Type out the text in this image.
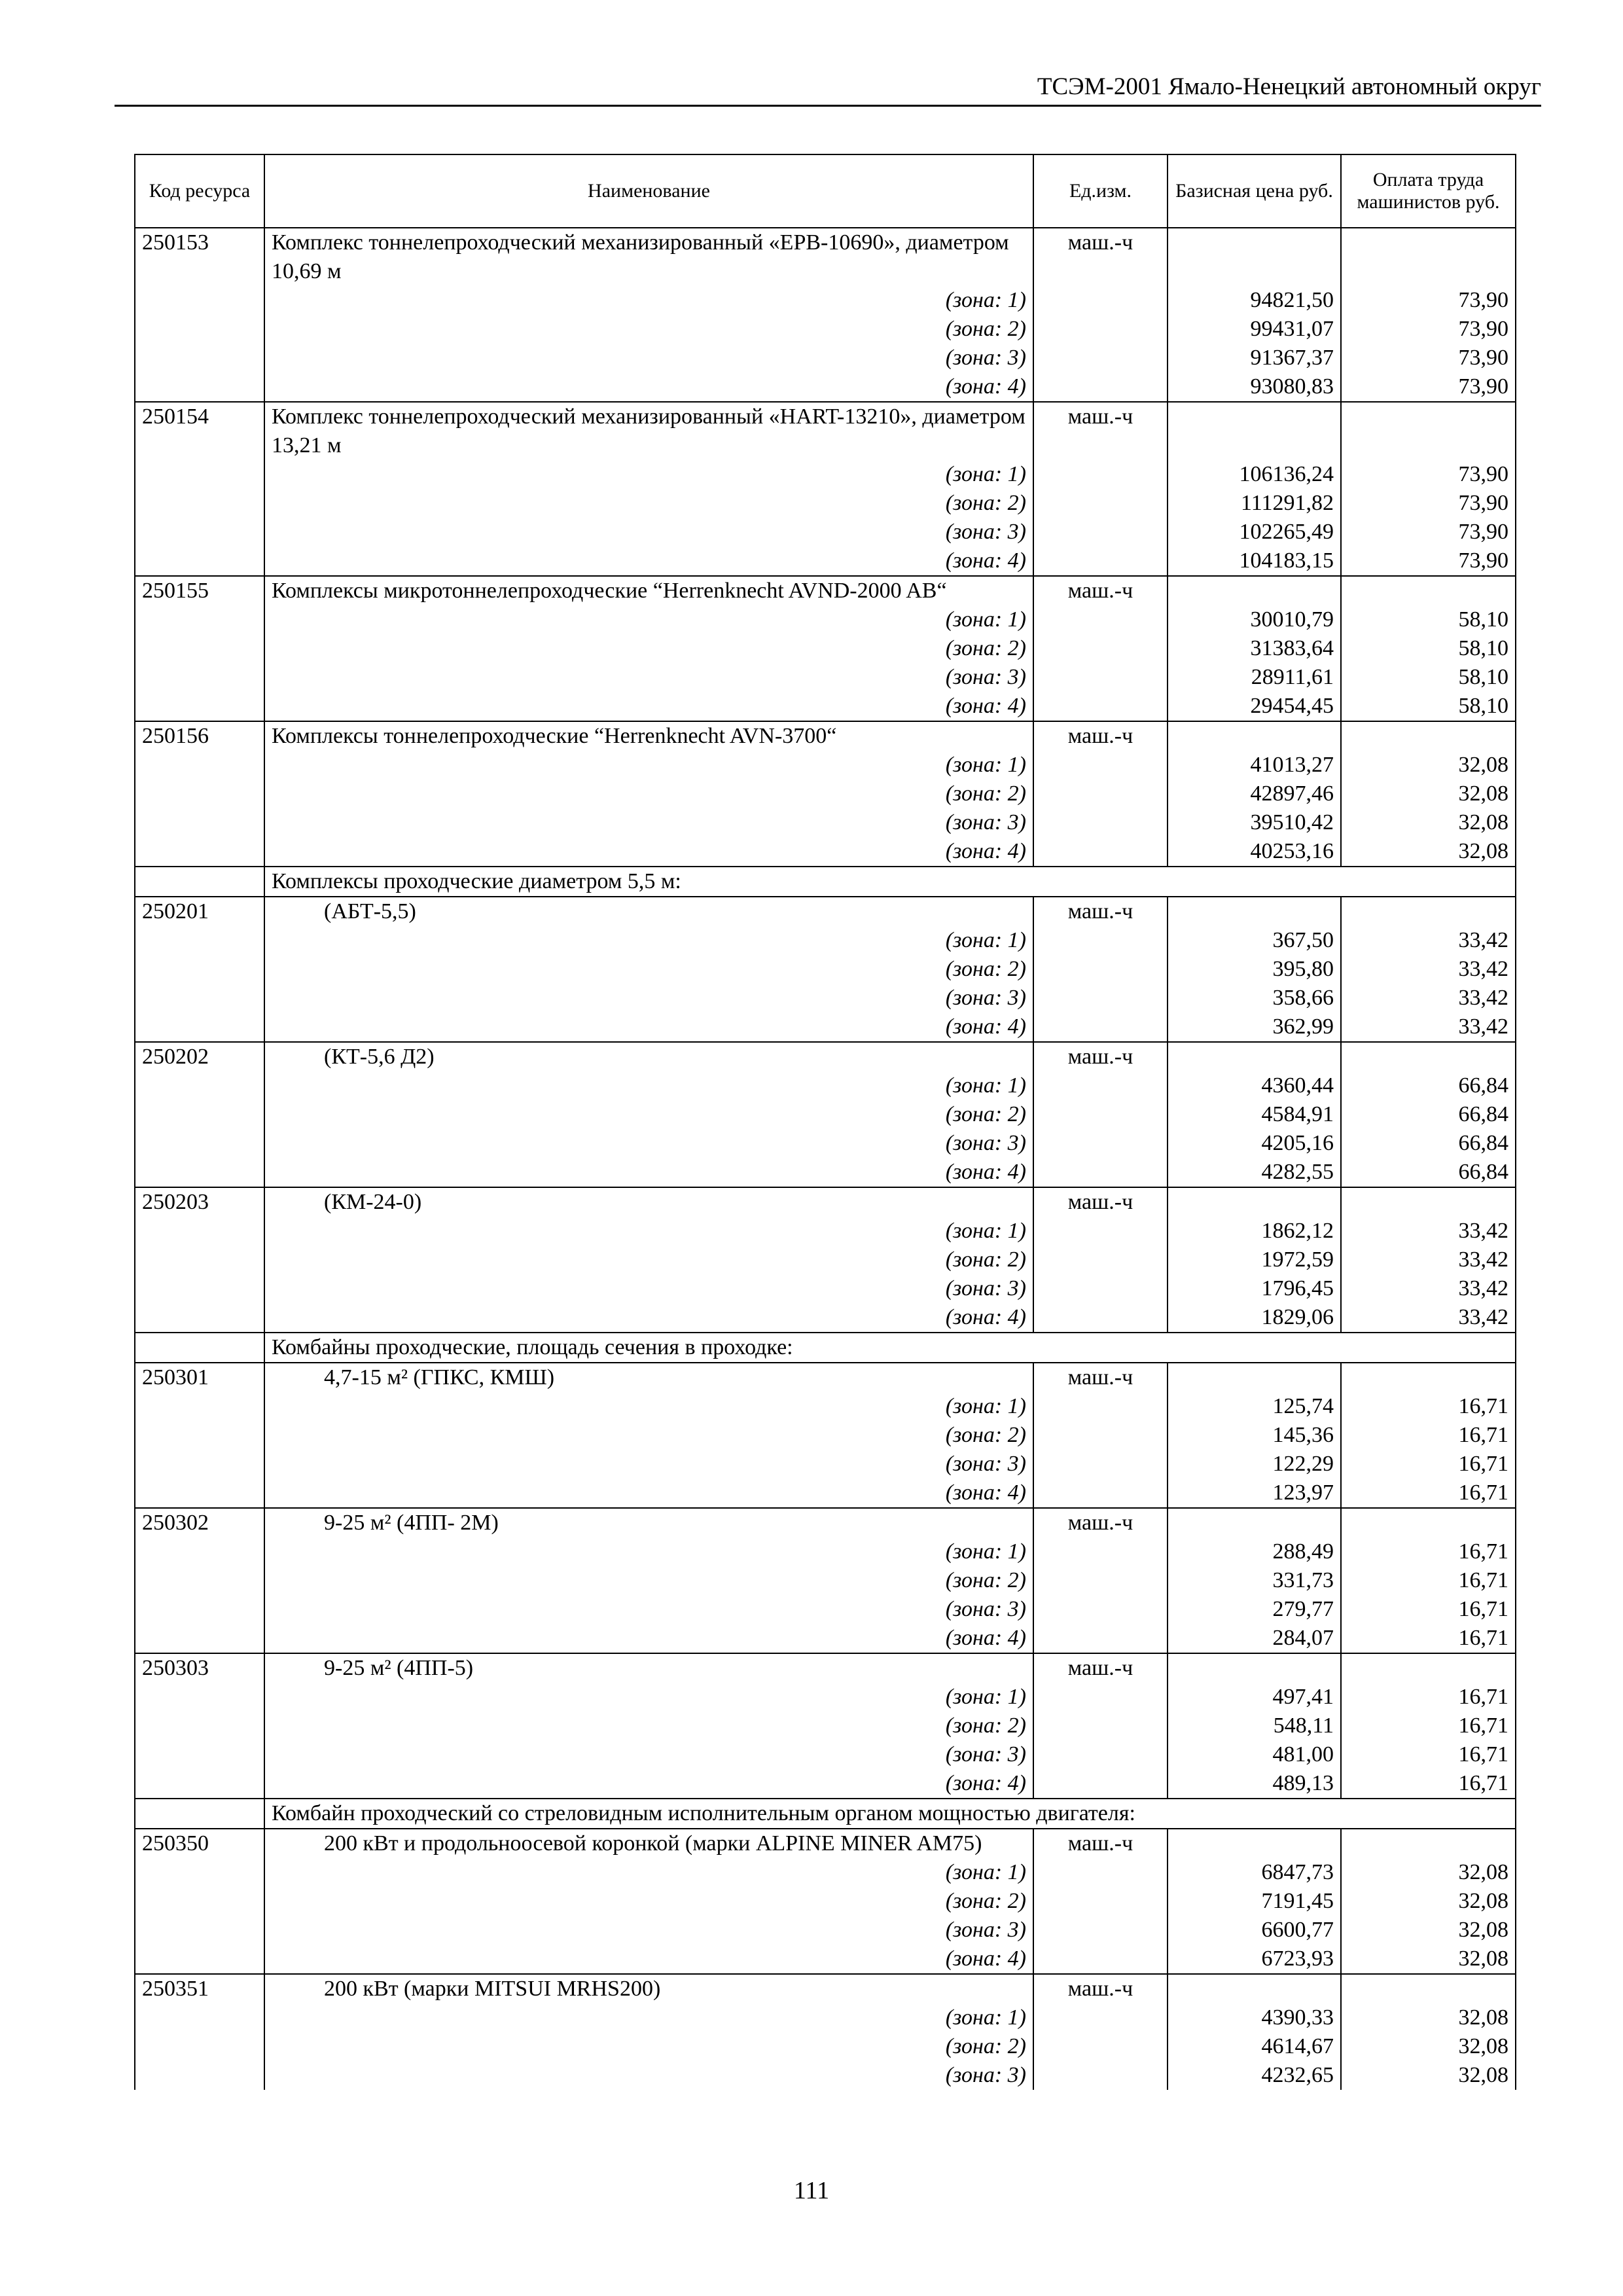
ТСЭМ-2001 Ямало-Ненецкий автономный округ
Код ресурса	Наименование	Ед.изм.	Базисная цена руб.	Оплата труда машинистов руб.
250153	Комплекс тоннелепроходческий механизированный «EPB-10690», диаметром 10,69 м	маш.-ч		

	(зона: 1)		94821,50	73,90

	(зона: 2)		99431,07	73,90

	(зона: 3)		91367,37	73,90

	(зона: 4)		93080,83	73,90
250154	Комплекс тоннелепроходческий механизированный «HART-13210», диаметром 13,21 м	маш.-ч		

	(зона: 1)		106136,24	73,90

	(зона: 2)		111291,82	73,90

	(зона: 3)		102265,49	73,90

	(зона: 4)		104183,15	73,90
250155	Комплексы микротоннелепроходческие “Herrenknecht AVND-2000 AB“	маш.-ч		

	(зона: 1)		30010,79	58,10

	(зона: 2)		31383,64	58,10

	(зона: 3)		28911,61	58,10

	(зона: 4)		29454,45	58,10
250156	Комплексы тоннелепроходческие “Herrenknecht AVN-3700“	маш.-ч		

	(зона: 1)		41013,27	32,08

	(зона: 2)		42897,46	32,08

	(зона: 3)		39510,42	32,08

	(зона: 4)		40253,16	32,08
	Комплексы проходческие диаметром 5,5 м:			
250201	(АБТ-5,5)	маш.-ч		

	(зона: 1)		367,50	33,42

	(зона: 2)		395,80	33,42

	(зона: 3)		358,66	33,42

	(зона: 4)		362,99	33,42
250202	(КТ-5,6 Д2)	маш.-ч		

	(зона: 1)		4360,44	66,84

	(зона: 2)		4584,91	66,84

	(зона: 3)		4205,16	66,84

	(зона: 4)		4282,55	66,84
250203	(КМ-24-0)	маш.-ч		

	(зона: 1)		1862,12	33,42

	(зона: 2)		1972,59	33,42

	(зона: 3)		1796,45	33,42

	(зона: 4)		1829,06	33,42
	Комбайны проходческие, площадь сечения в проходке:			
250301	4,7-15 м² (ГПКС, КМШ)	маш.-ч		

	(зона: 1)		125,74	16,71

	(зона: 2)		145,36	16,71

	(зона: 3)		122,29	16,71

	(зона: 4)		123,97	16,71
250302	9-25 м² (4ПП- 2М)	маш.-ч		

	(зона: 1)		288,49	16,71

	(зона: 2)		331,73	16,71

	(зона: 3)		279,77	16,71

	(зона: 4)		284,07	16,71
250303	9-25 м² (4ПП-5)	маш.-ч		

	(зона: 1)		497,41	16,71

	(зона: 2)		548,11	16,71

	(зона: 3)		481,00	16,71

	(зона: 4)		489,13	16,71
	Комбайн проходческий со стреловидным исполнительным органом мощностью двигателя:			
250350	200 кВт и продольноосевой коронкой (марки ALPINE MINER AM75)	маш.-ч		

	(зона: 1)		6847,73	32,08

	(зона: 2)		7191,45	32,08

	(зона: 3)		6600,77	32,08

	(зона: 4)		6723,93	32,08
250351	200 кВт (марки MITSUI MRHS200)	маш.-ч		

	(зона: 1)		4390,33	32,08

	(зона: 2)		4614,67	32,08

	(зона: 3)		4232,65	32,08
111
